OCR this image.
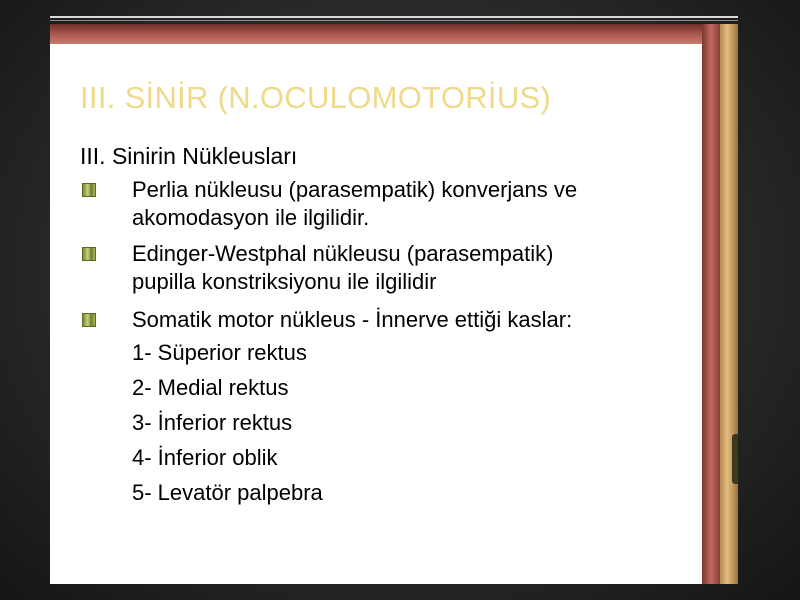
III. SİNİR (N.OCULOMOTORİUS)
III. Sinirin Nükleusları
Perlia nükleusu (parasempatik) konverjans ve
akomodasyon ile ilgilidir.
Edinger-Westphal nükleusu (parasempatik)
pupilla konstriksiyonu ile ilgilidir
Somatik motor nükleus - İnnerve ettiği kaslar:
1- Süperior rektus
2- Medial rektus
3- İnferior rektus
4- İnferior oblik
5- Levatör palpebra
